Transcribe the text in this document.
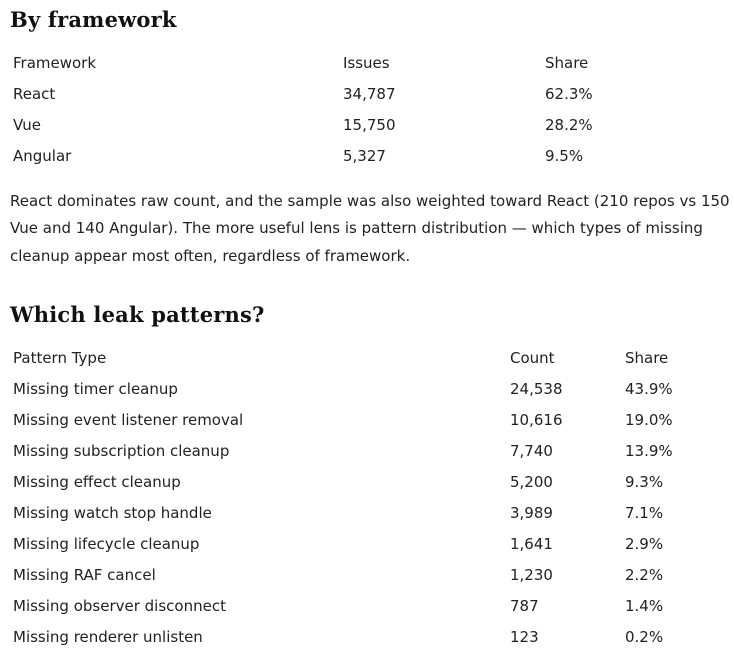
By framework
Framework	Issues	Share
React	34,787	62.3%
Vue	15,750	28.2%
Angular	5,327	9.5%

React dominates raw count, and the sample was also weighted toward React (210 repos vs 150 Vue and 140 Angular). The more useful lens is pattern distribution — which types of missing cleanup appear most often, regardless of framework.

Which leak patterns?
Pattern Type	Count	Share
Missing timer cleanup	24,538	43.9%
Missing event listener removal	10,616	19.0%
Missing subscription cleanup	7,740	13.9%
Missing effect cleanup	5,200	9.3%
Missing watch stop handle	3,989	7.1%
Missing lifecycle cleanup	1,641	2.9%
Missing RAF cancel	1,230	2.2%
Missing observer disconnect	787	1.4%
Missing renderer unlisten	123	0.2%
